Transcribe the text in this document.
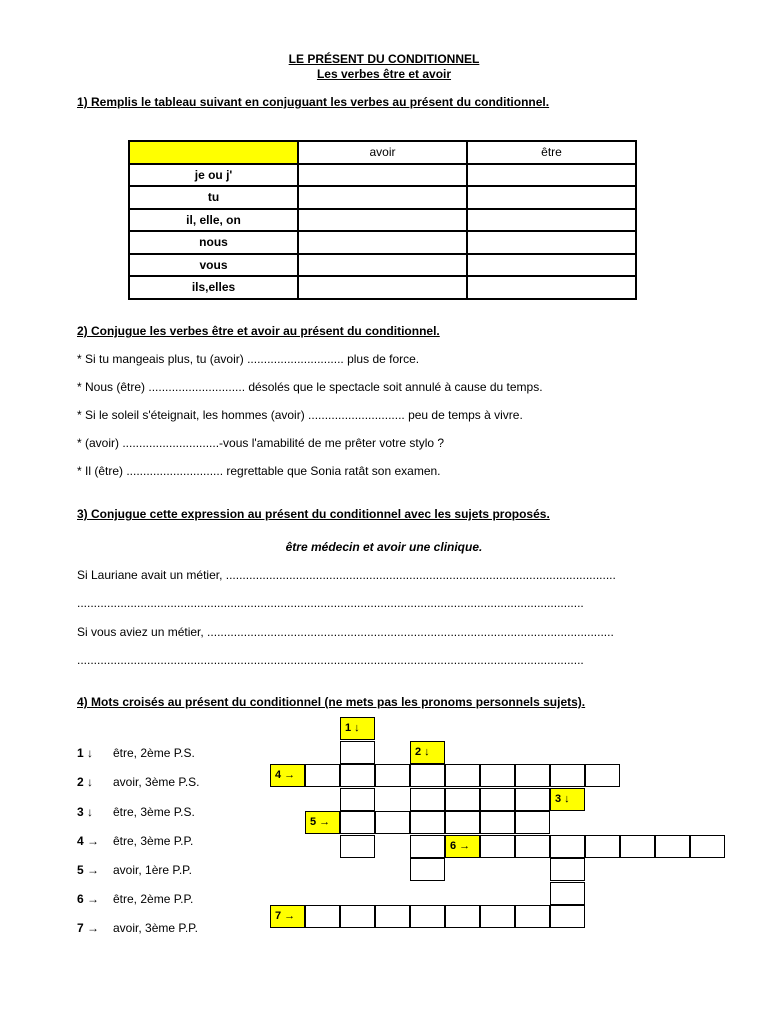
LE PRÉSENT DU CONDITIONNEL
Les verbes être et avoir
1) Remplis le tableau suivant en conjuguant les verbes au présent du conditionnel.
	avoir	être
je ou j'		
tu		
il, elle, on		
nous		
vous		
ils,elles		
2) Conjugue les verbes être et avoir au présent du conditionnel.
* Si tu mangeais plus, tu (avoir) ............................. plus de force.
* Nous (être) ............................. désolés que le spectacle soit annulé à cause du temps.
* Si le soleil s'éteignait, les hommes (avoir) ............................. peu de temps à vivre.
* (avoir) .............................-vous l'amabilité de me prêter votre stylo ?
* Il (être) ............................. regrettable que Sonia ratât son examen.
3) Conjugue cette expression au présent du conditionnel avec les sujets proposés.
être médecin et avoir une clinique.
Si Lauriane avait un métier, .....................................................................................................................
........................................................................................................................................................
Si vous aviez un métier, ..........................................................................................................................
........................................................................................................................................................
4) Mots croisés au présent du conditionnel (ne mets pas les pronoms personnels sujets).
1 ↓ être, 2ème P.S.
2 ↓ avoir, 3ème P.S.
3 ↓ être, 3ème P.S.
4 → être, 3ème P.P.
5 → avoir, 1ère P.P.
6 → être, 2ème P.P.
7 → avoir, 3ème P.P.
1 ↓
2 ↓
4 →
3 ↓
5 →
6 →
7 →
